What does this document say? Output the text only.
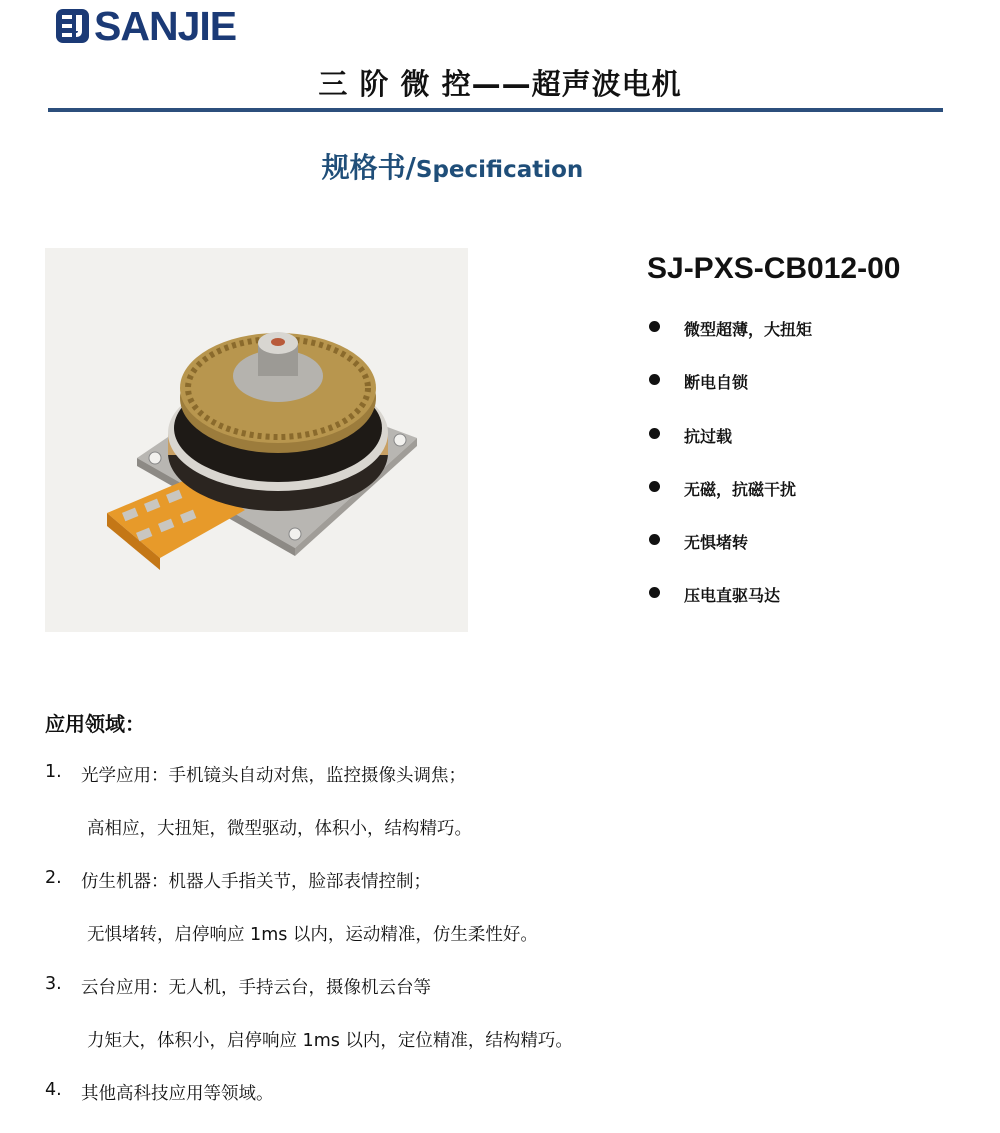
SANJIE
三 阶 微 控——超声波电机
规格书/Specification
SJ-PXS-CB012-00
微型超薄，大扭矩
断电自锁
抗过载
无磁，抗磁干扰
无惧堵转
压电直驱马达
应用领域：
1.	光学应用：手机镜头自动对焦，监控摄像头调焦；
高相应，大扭矩，微型驱动，体积小，结构精巧。
2.	仿生机器：机器人手指关节，脸部表情控制；
无惧堵转，启停响应 1ms 以内，运动精准，仿生柔性好。
3.	云台应用：无人机，手持云台，摄像机云台等
力矩大，体积小，启停响应 1ms 以内，定位精准，结构精巧。
4.	其他高科技应用等领域。
